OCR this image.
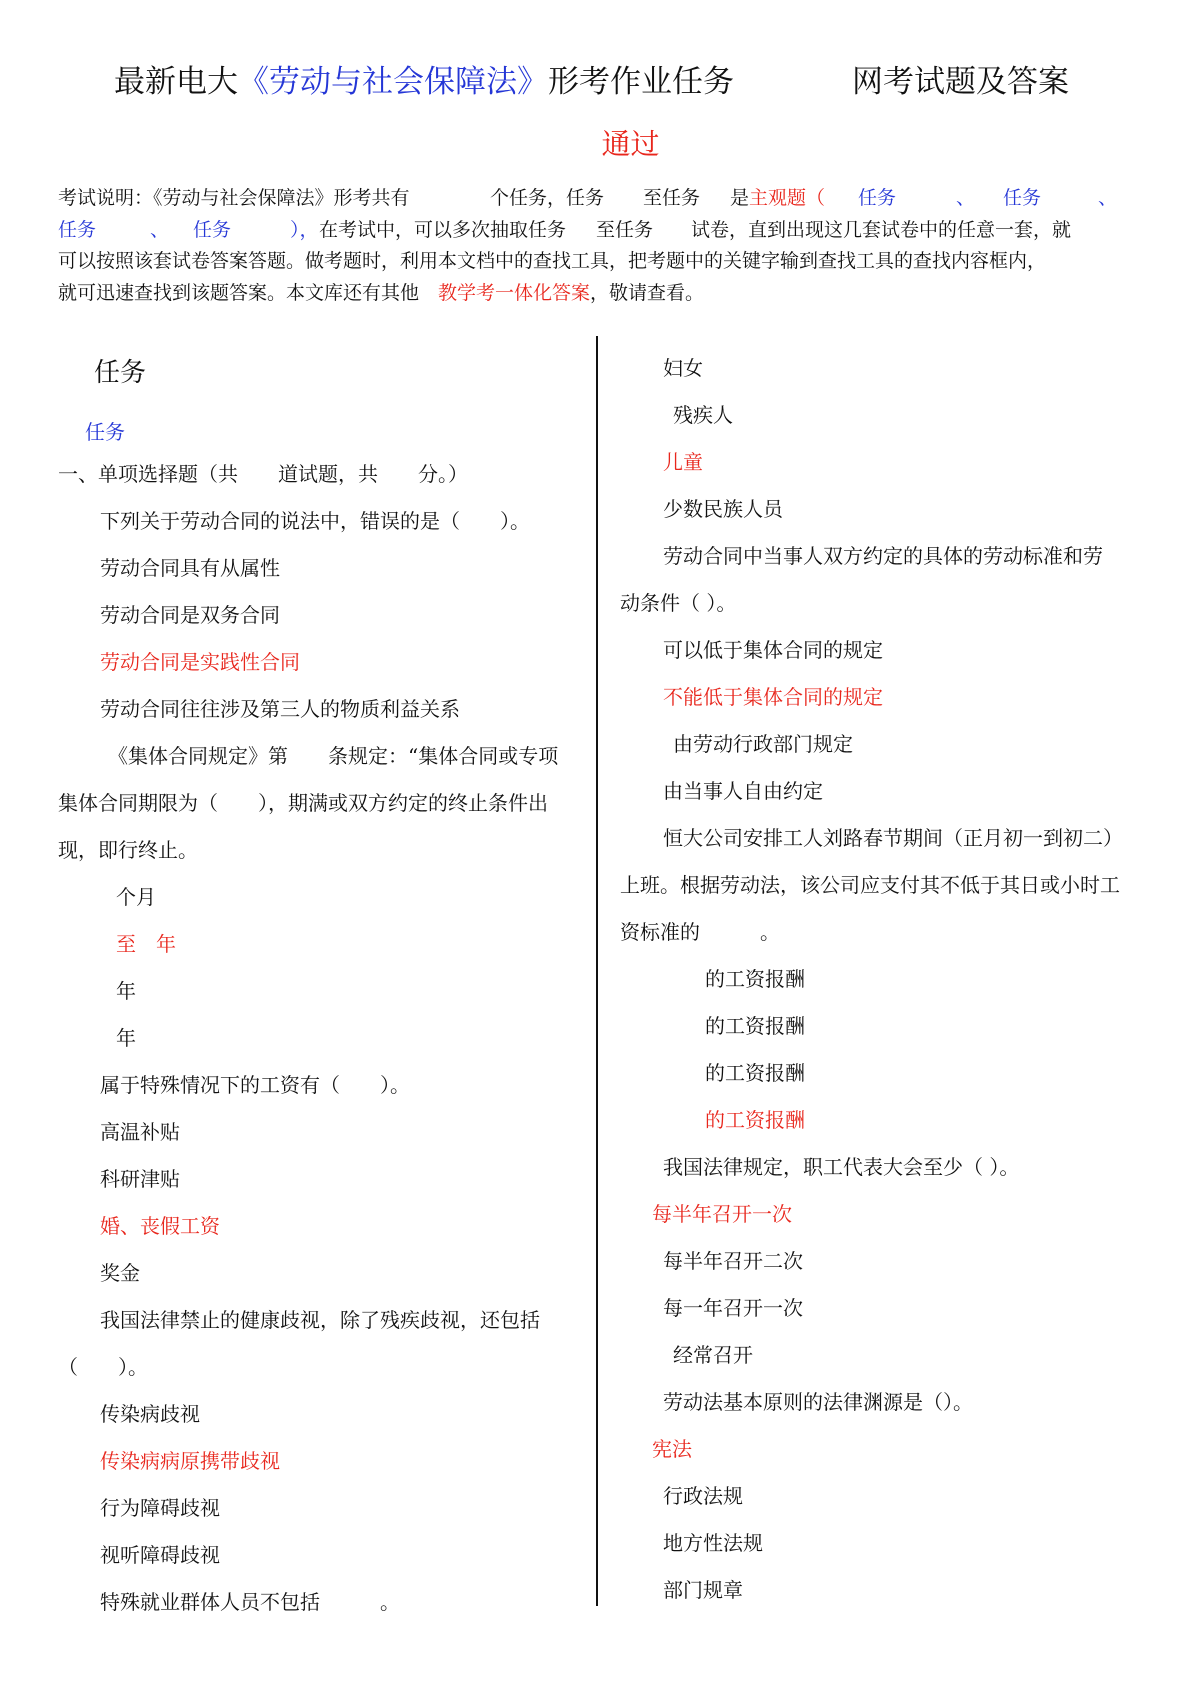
最新电大《劳动与社会保障法》形考作业任务	网考试题及答案
通过
考试说明：《劳动与社会保障法》形考共有	个任务，任务 至任务 是 主观题（ 任务	、 任务	、
任务	、 任务	）， 在考试中，可以多次抽取任务 至任务 试卷，直到出现这几套试卷中的任意一套，就
可以按照该套试卷答案答题。做考题时，利用本文档中的查找工具，把考题中的关键字输到查找工具的查找内容框内，
就可迅速查找到该题答案。本文库还有其他 教学考一体化答案 ，敬请查看。
任务
任务
一、单项选择题（共　　道试题，共　　分。）
下列关于劳动合同的说法中，错误的是（　　）。
劳动合同具有从属性
劳动合同是双务合同
劳动合同是实践性合同
劳动合同往往涉及第三人的物质利益关系
《集体合同规定》第　　条规定：“集体合同或专项
集体合同期限为（　　），期满或双方约定的终止条件出
现，即行终止。
个月
至　年
年
年
属于特殊情况下的工资有（　　）。
高温补贴
科研津贴
婚、丧假工资
奖金
我国法律禁止的健康歧视，除了残疾歧视，还包括
（　　）。
传染病歧视
传染病病原携带歧视
行为障碍歧视
视听障碍歧视
特殊就业群体人员不包括　　　。
妇女
残疾人
儿童
少数民族人员
劳动合同中当事人双方约定的具体的劳动标准和劳
动条件（ ）。
可以低于集体合同的规定
不能低于集体合同的规定
由劳动行政部门规定
由当事人自由约定
恒大公司安排工人刘路春节期间（正月初一到初二）
上班。根据劳动法，该公司应支付其不低于其日或小时工
资标准的　　　。
的工资报酬
的工资报酬
的工资报酬
的工资报酬
我国法律规定，职工代表大会至少（ ）。
每半年召开一次
每半年召开二次
每一年召开一次
经常召开
劳动法基本原则的法律渊源是（）。
宪法
行政法规
地方性法规
部门规章
